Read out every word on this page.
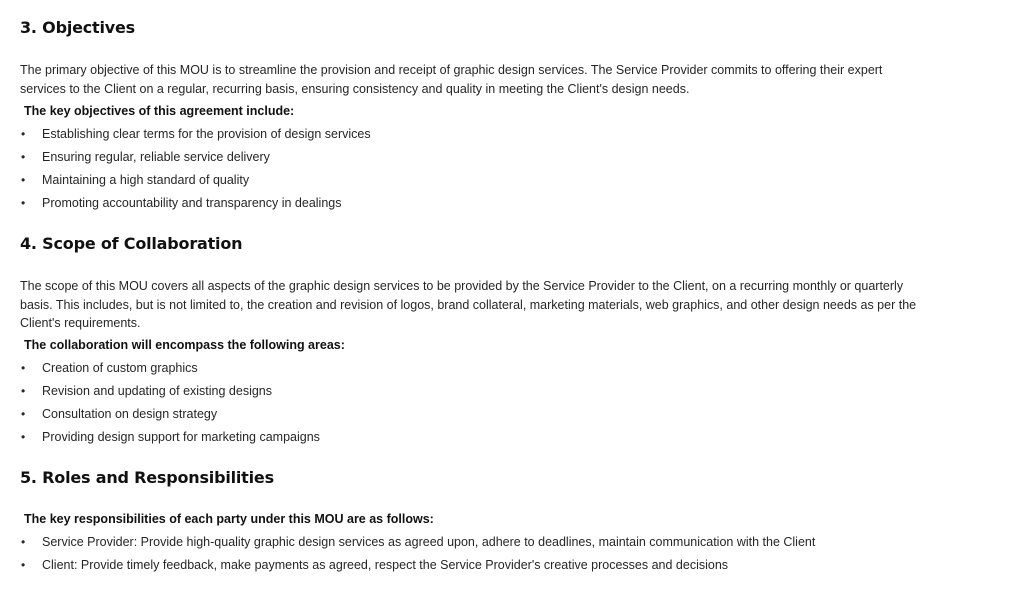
3. Objectives

The primary objective of this MOU is to streamline the provision and receipt of graphic design services. The Service Provider commits to offering their expert services to the Client on a regular, recurring basis, ensuring consistency and quality in meeting the Client's design needs.

The key objectives of this agreement include:

• Establishing clear terms for the provision of design services
• Ensuring regular, reliable service delivery
• Maintaining a high standard of quality
• Promoting accountability and transparency in dealings
4. Scope of Collaboration

The scope of this MOU covers all aspects of the graphic design services to be provided by the Service Provider to the Client, on a recurring monthly or quarterly basis. This includes, but is not limited to, the creation and revision of logos, brand collateral, marketing materials, web graphics, and other design needs as per the Client's requirements.

The collaboration will encompass the following areas:

• Creation of custom graphics
• Revision and updating of existing designs
• Consultation on design strategy
• Providing design support for marketing campaigns
5. Roles and Responsibilities

The key responsibilities of each party under this MOU are as follows:

• Service Provider: Provide high-quality graphic design services as agreed upon, adhere to deadlines, maintain communication with the Client
• Client: Provide timely feedback, make payments as agreed, respect the Service Provider's creative processes and decisions
